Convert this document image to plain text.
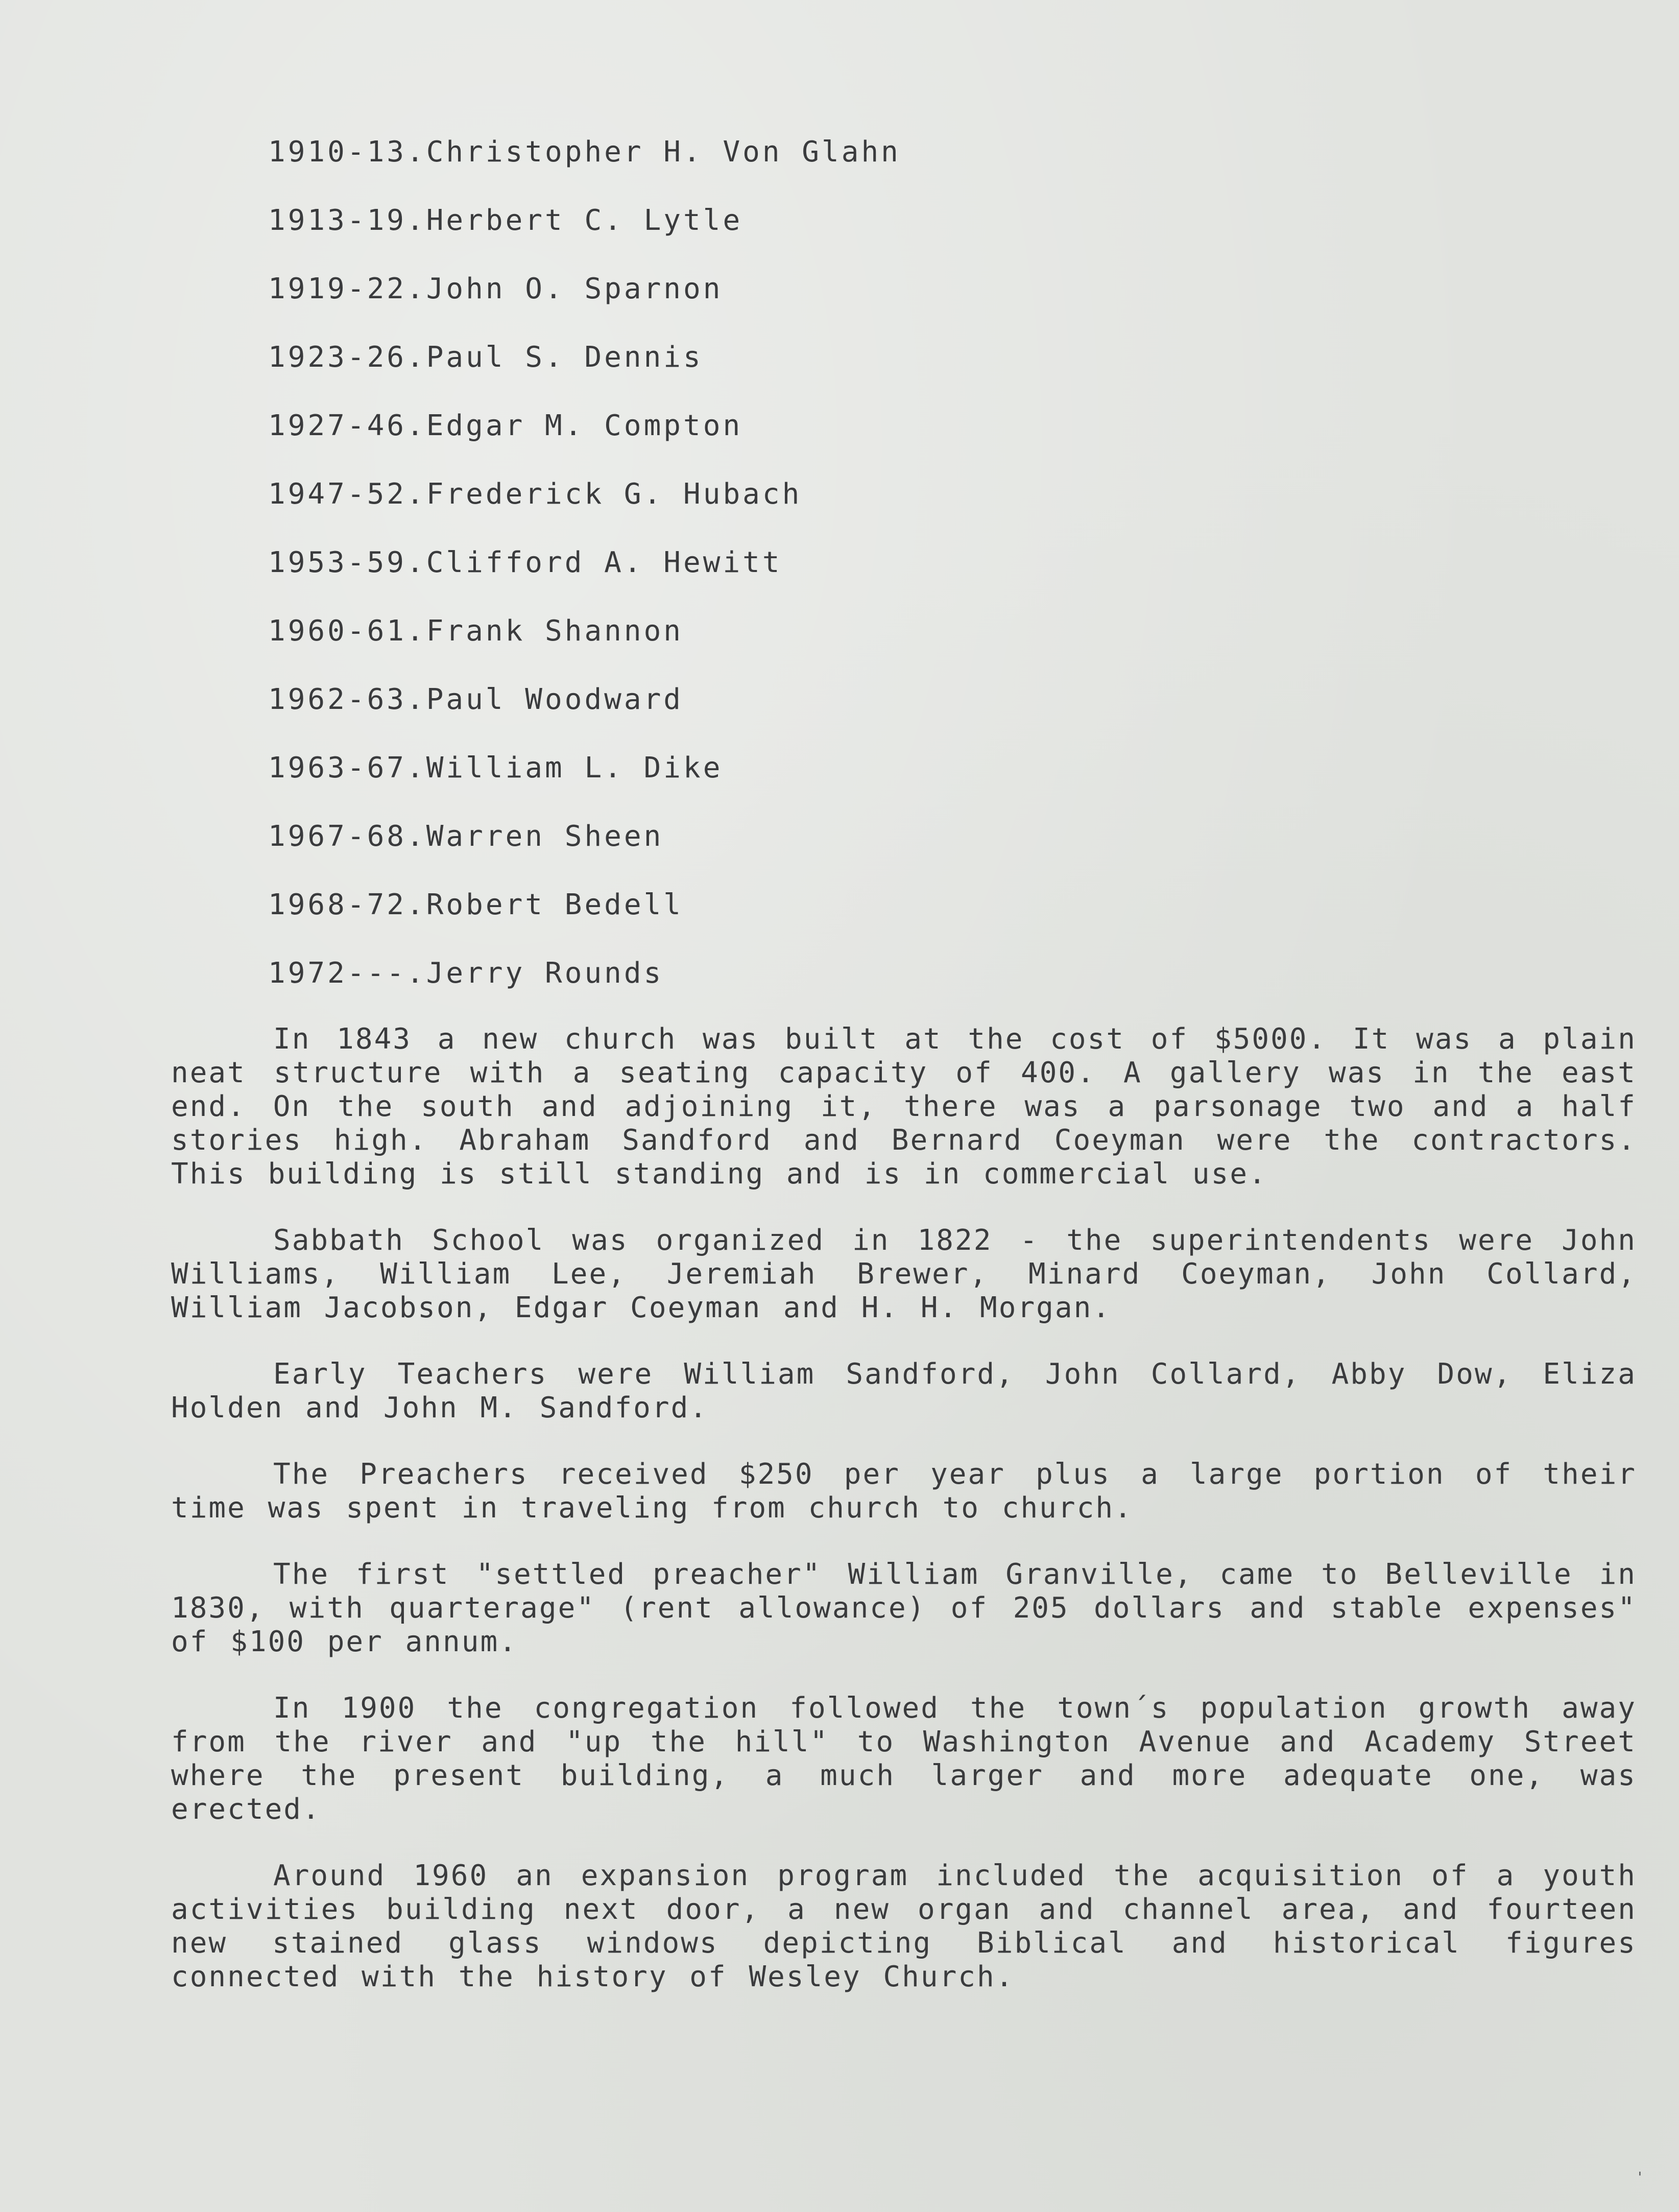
1910-13.Christopher H. Von Glahn
1913-19.Herbert C. Lytle
1919-22.John O. Sparnon
1923-26.Paul S. Dennis
1927-46.Edgar M. Compton
1947-52.Frederick G. Hubach
1953-59.Clifford A. Hewitt
1960-61.Frank Shannon
1962-63.Paul Woodward
1963-67.William L. Dike
1967-68.Warren Sheen
1968-72.Robert Bedell
1972---.Jerry Rounds

In 1843 a new church was built at the cost of $5000. It was a plain neat structure with a seating capacity of 400. A gallery was in the east end. On the south and adjoining it, there was a parsonage two and a half stories high. Abraham Sandford and Bernard Coeyman were the contractors. This building is still standing and is in commercial use.

Sabbath School was organized in 1822 - the superintendents were John Williams, William Lee, Jeremiah Brewer, Minard Coeyman, John Collard, William Jacobson, Edgar Coeyman and H. H. Morgan.

Early Teachers were William Sandford, John Collard, Abby Dow, Eliza Holden and John M. Sandford.

The Preachers received $250 per year plus a large portion of their time was spent in traveling from church to church.

The first "settled preacher" William Granville, came to Belleville in 1830, with quarterage" (rent allowance) of 205 dollars and stable expenses" of $100 per annum.

In 1900 the congregation followed the town´s population growth away from the river and "up the hill" to Washington Avenue and Academy Street where the present building, a much larger and more adequate one, was erected.

Around 1960 an expansion program included the acquisition of a youth activities building next door, a new organ and channel area, and fourteen new stained glass windows depicting Biblical and historical figures connected with the history of Wesley Church.

'
